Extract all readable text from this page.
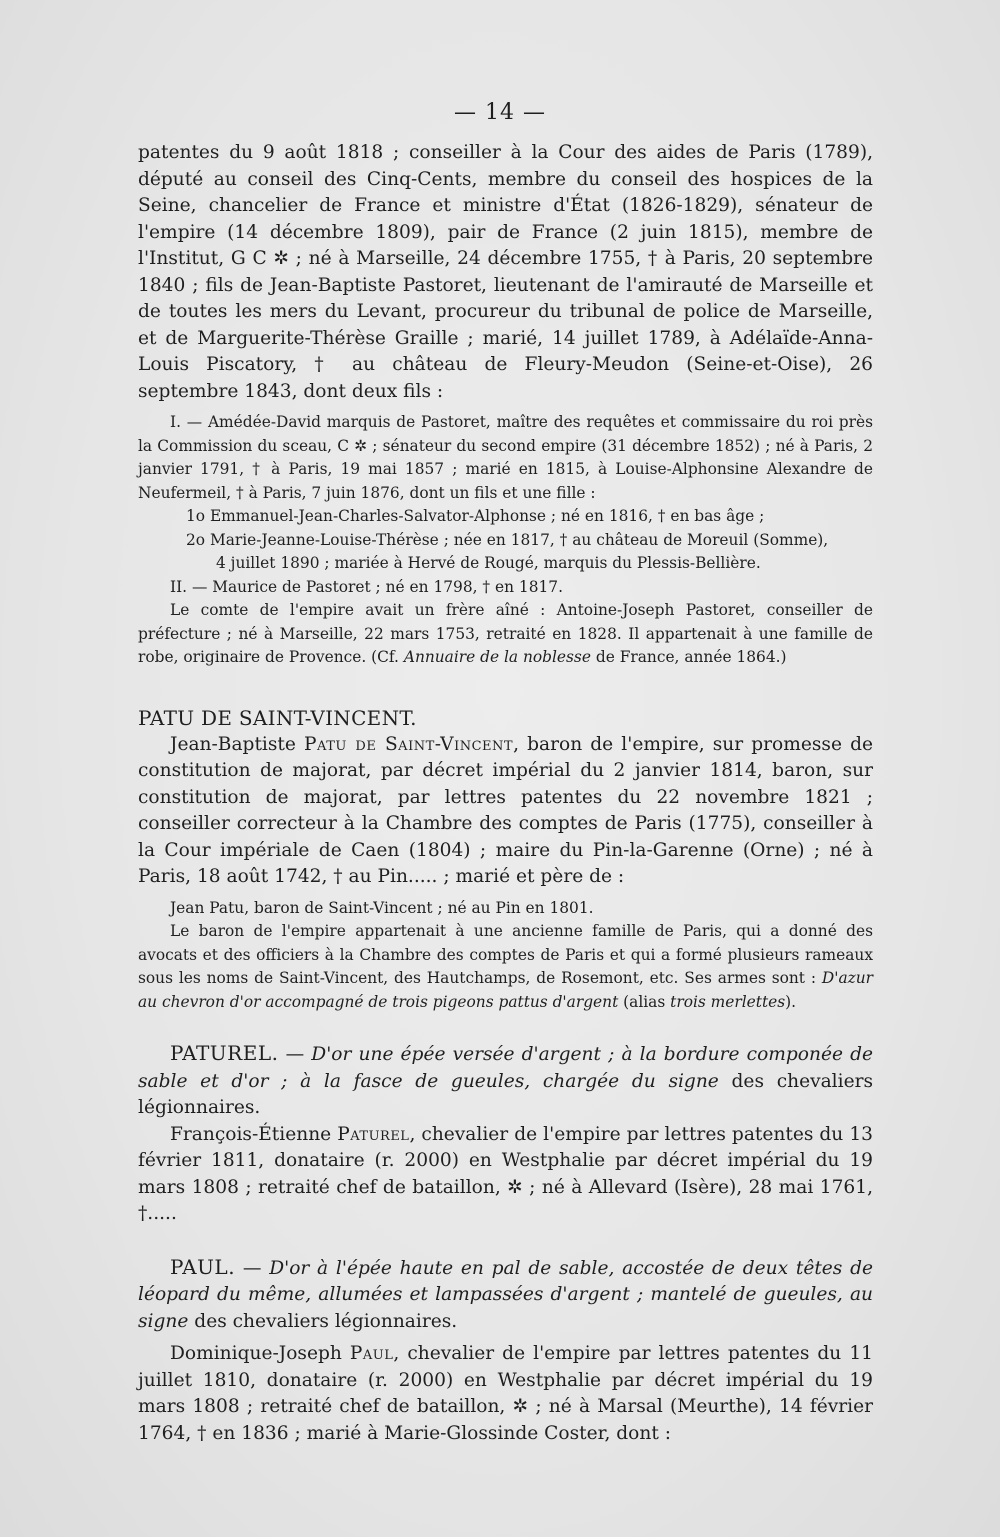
— 14 —

patentes du 9 août 1818 ; conseiller à la Cour des aides de Paris (1789), député au conseil des Cinq-Cents, membre du conseil des hospices de la Seine, chancelier de France et ministre d'État (1826-1829), sénateur de l'empire (14 décembre 1809), pair de France (2 juin 1815), membre de l'Institut, G C ✲ ; né à Marseille, 24 décembre 1755, † à Paris, 20 septembre 1840 ; fils de Jean-Baptiste Pastoret, lieutenant de l'amirauté de Marseille et de toutes les mers du Levant, procureur du tribunal de police de Marseille, et de Marguerite-Thérèse Graille ; marié, 14 juillet 1789, à Adélaïde-Anna-Louis Piscatory, † au château de Fleury-Meudon (Seine-et-Oise), 26 septembre 1843, dont deux fils :

I. — Amédée-David marquis de Pastoret, maître des requêtes et commissaire du roi près la Commission du sceau, C ✲ ; sénateur du second empire (31 décembre 1852) ; né à Paris, 2 janvier 1791, † à Paris, 19 mai 1857 ; marié en 1815, à Louise-Alphonsine Alexandre de Neufermeil, † à Paris, 7 juin 1876, dont un fils et une fille :

1o Emmanuel-Jean-Charles-Salvator-Alphonse ; né en 1816, † en bas âge ;

2o Marie-Jeanne-Louise-Thérèse ; née en 1817, † au château de Moreuil (Somme),

4 juillet 1890 ; mariée à Hervé de Rougé, marquis du Plessis-Bellière.

II. — Maurice de Pastoret ; né en 1798, † en 1817.

Le comte de l'empire avait un frère aîné : Antoine-Joseph Pastoret, conseiller de préfecture ; né à Marseille, 22 mars 1753, retraité en 1828. Il appartenait à une famille de robe, originaire de Provence. (Cf. Annuaire de la noblesse de France, année 1864.)

PATU DE SAINT-VINCENT.

Jean-Baptiste Patu de Saint-Vincent, baron de l'empire, sur promesse de constitution de majorat, par décret impérial du 2 janvier 1814, baron, sur constitution de majorat, par lettres patentes du 22 novembre 1821 ; conseiller correcteur à la Chambre des comptes de Paris (1775), conseiller à la Cour impériale de Caen (1804) ; maire du Pin-la-Garenne (Orne) ; né à Paris, 18 août 1742, † au Pin..... ; marié et père de :

Jean Patu, baron de Saint-Vincent ; né au Pin en 1801.

Le baron de l'empire appartenait à une ancienne famille de Paris, qui a donné des avocats et des officiers à la Chambre des comptes de Paris et qui a formé plusieurs rameaux sous les noms de Saint-Vincent, des Hautchamps, de Rosemont, etc. Ses armes sont : D'azur au chevron d'or accompagné de trois pigeons pattus d'argent (alias trois merlettes).

PATUREL. — D'or une épée versée d'argent ; à la bordure componée de sable et d'or ; à la fasce de gueules, chargée du signe des chevaliers légionnaires.

François-Étienne Paturel, chevalier de l'empire par lettres patentes du 13 février 1811, donataire (r. 2000) en Westphalie par décret impérial du 19 mars 1808 ; retraité chef de bataillon, ✲ ; né à Allevard (Isère), 28 mai 1761, †.....

PAUL. — D'or à l'épée haute en pal de sable, accostée de deux têtes de léopard du même, allumées et lampassées d'argent ; mantelé de gueules, au signe des chevaliers légionnaires.

Dominique-Joseph Paul, chevalier de l'empire par lettres patentes du 11 juillet 1810, donataire (r. 2000) en Westphalie par décret impérial du 19 mars 1808 ; retraité chef de bataillon, ✲ ; né à Marsal (Meurthe), 14 février 1764, † en 1836 ; marié à Marie-Glossinde Coster, dont :
